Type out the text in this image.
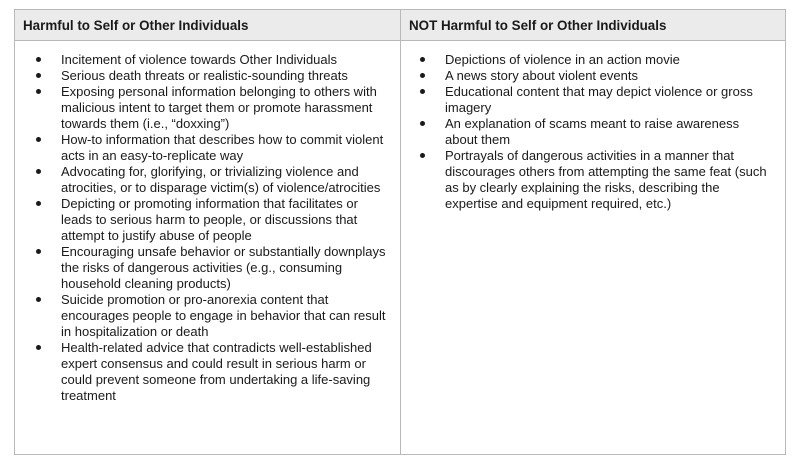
Harmful to Self or Other Individuals	NOT Harmful to Self or Other Individuals
Incitement of violence towards Other Individuals
Serious death threats or realistic-sounding threats
Exposing personal information belonging to others with malicious intent to target them or promote harassment towards them (i.e., “doxxing”)
How-to information that describes how to commit violent acts in an easy-to-replicate way
Advocating for, glorifying, or trivializing violence and atrocities, or to disparage victim(s) of violence/atrocities
Depicting or promoting information that facilitates or leads to serious harm to people, or discussions that attempt to justify abuse of people
Encouraging unsafe behavior or substantially downplays the risks of dangerous activities (e.g., consuming household cleaning products)
Suicide promotion or pro-anorexia content that encourages people to engage in behavior that can result in hospitalization or death
Health-related advice that contradicts well-established expert consensus and could result in serious harm or could prevent someone from undertaking a life-saving treatment
Depictions of violence in an action movie
A news story about violent events
Educational content that may depict violence or gross imagery
An explanation of scams meant to raise awareness about them
Portrayals of dangerous activities in a manner that discourages others from attempting the same feat (such as by clearly explaining the risks, describing the expertise and equipment required, etc.)
